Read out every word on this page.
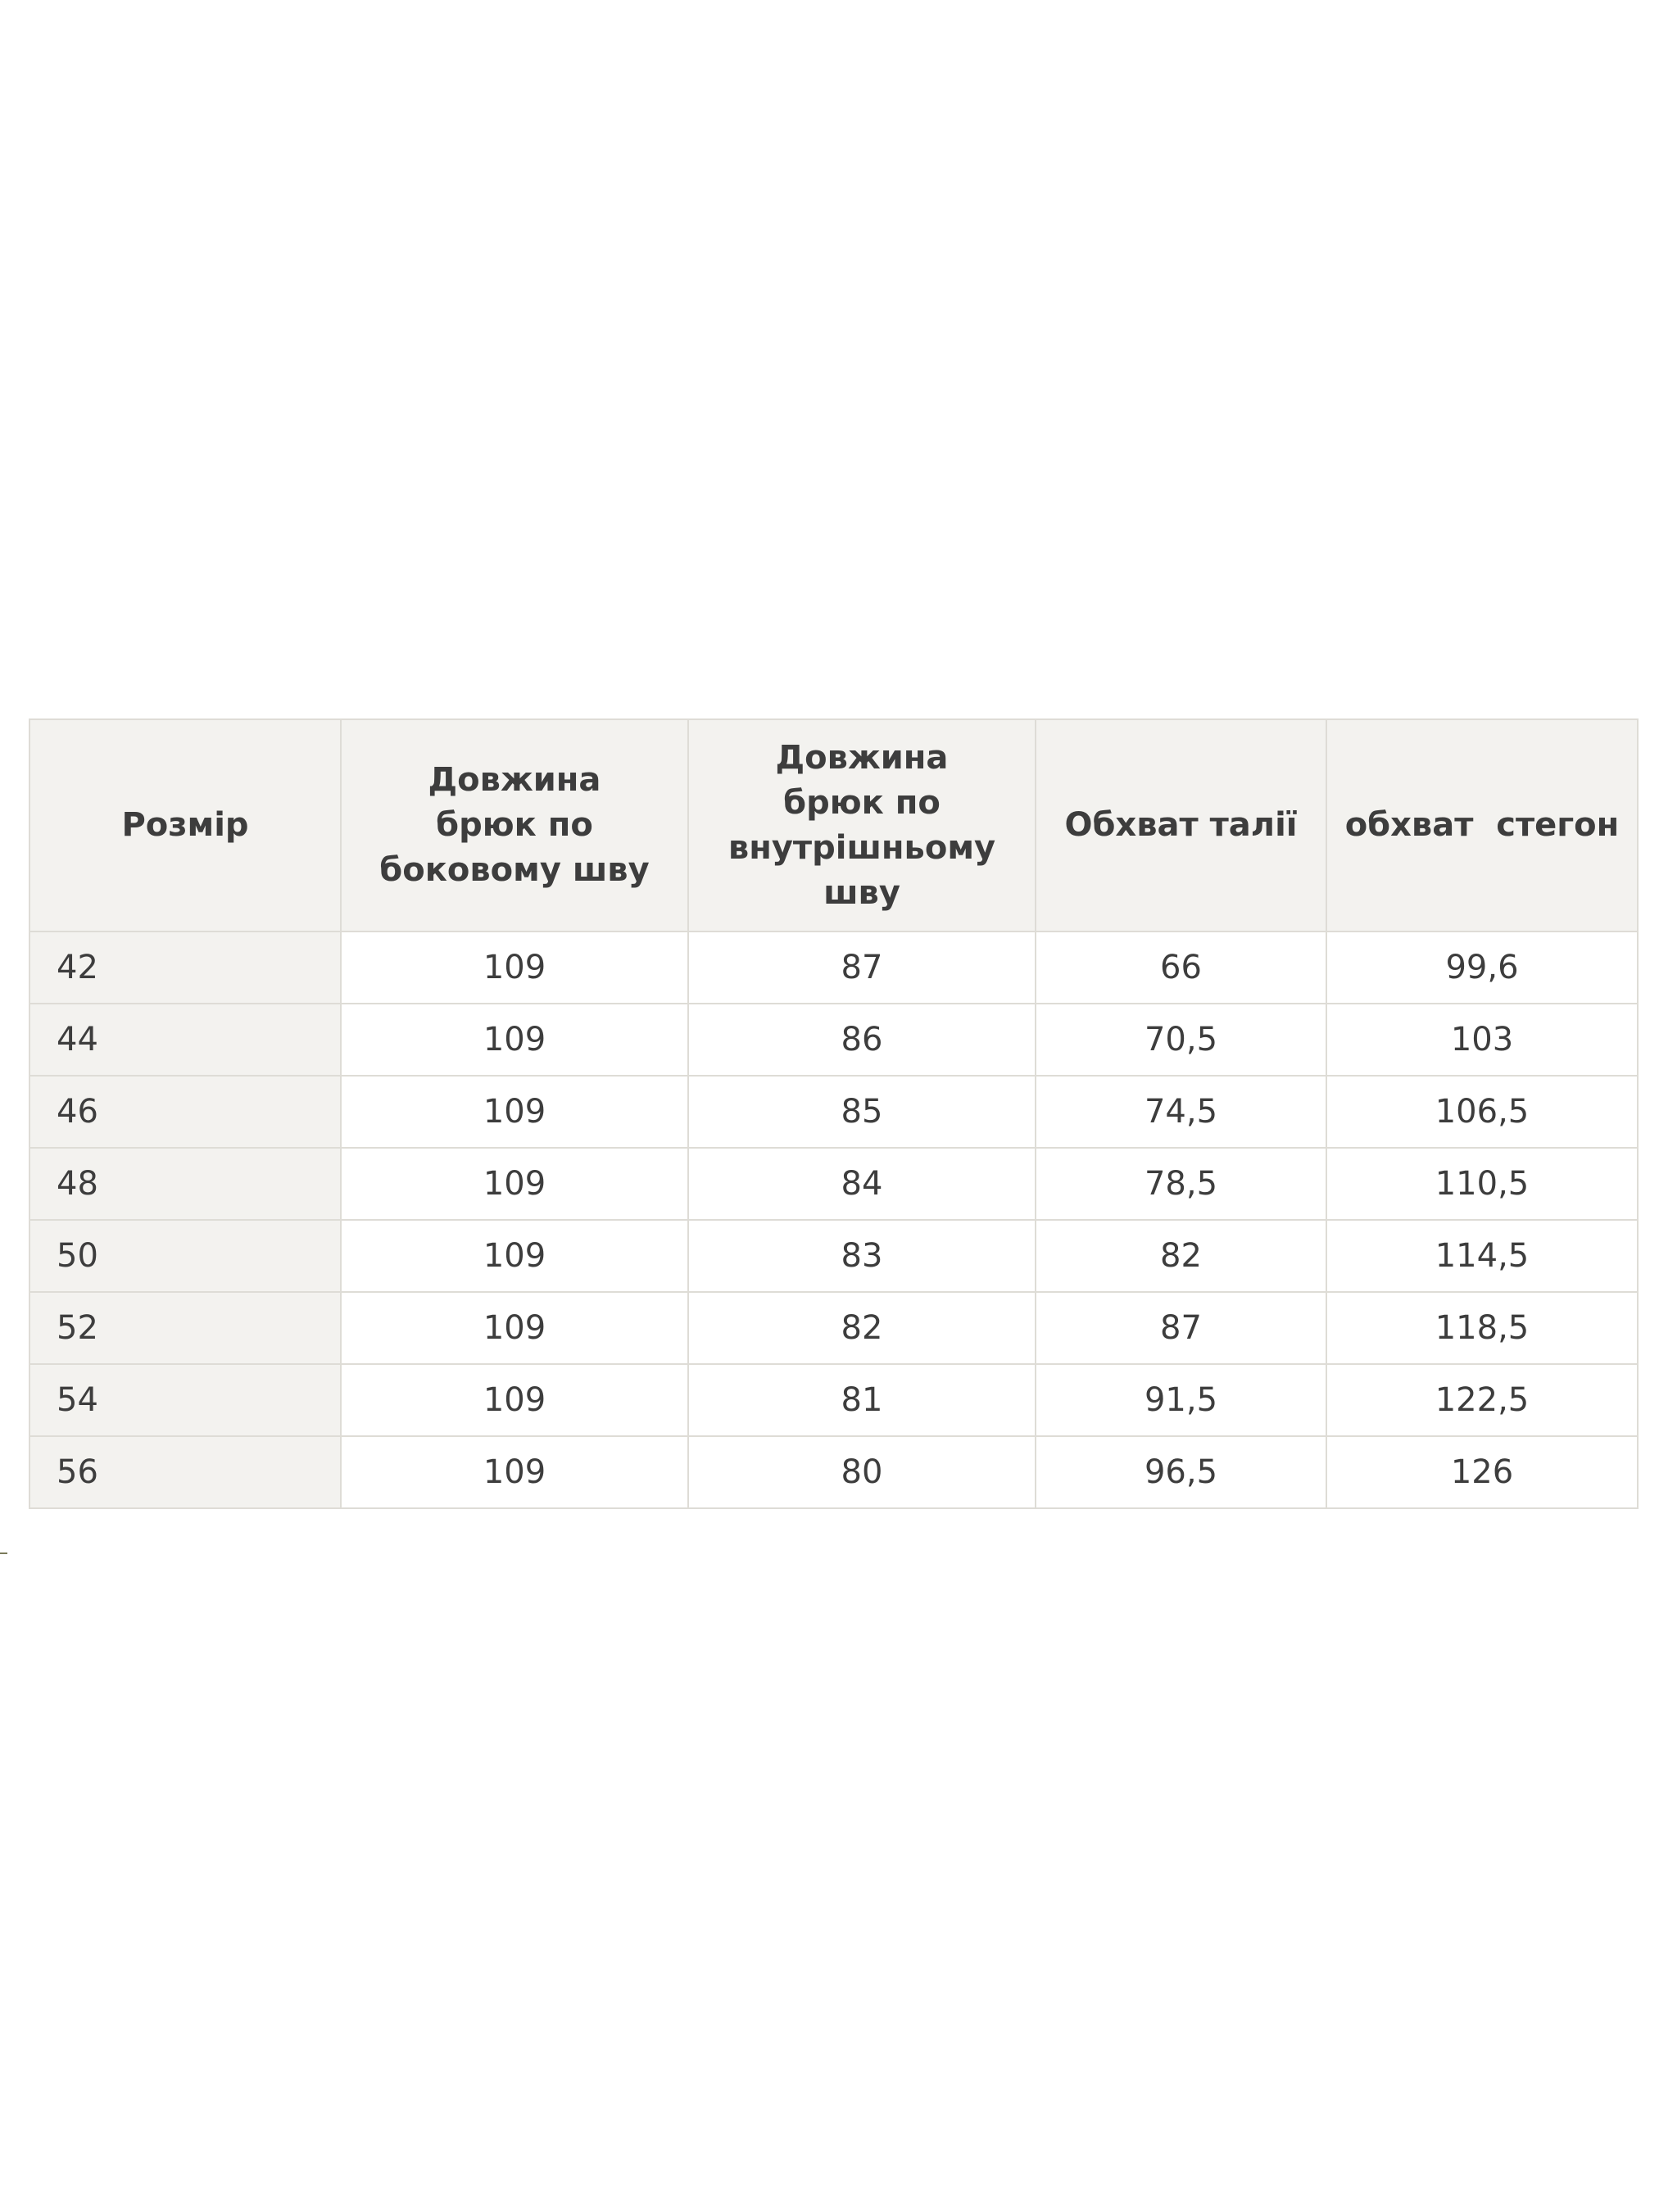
Розмір	Довжина брюк по боковому шву	Довжина брюк по внутрішньому шву	Обхват талії	обхват  стегон
42	109	87	66	99,6
44	109	86	70,5	103
46	109	85	74,5	106,5
48	109	84	78,5	110,5
50	109	83	82	114,5
52	109	82	87	118,5
54	109	81	91,5	122,5
56	109	80	96,5	126
